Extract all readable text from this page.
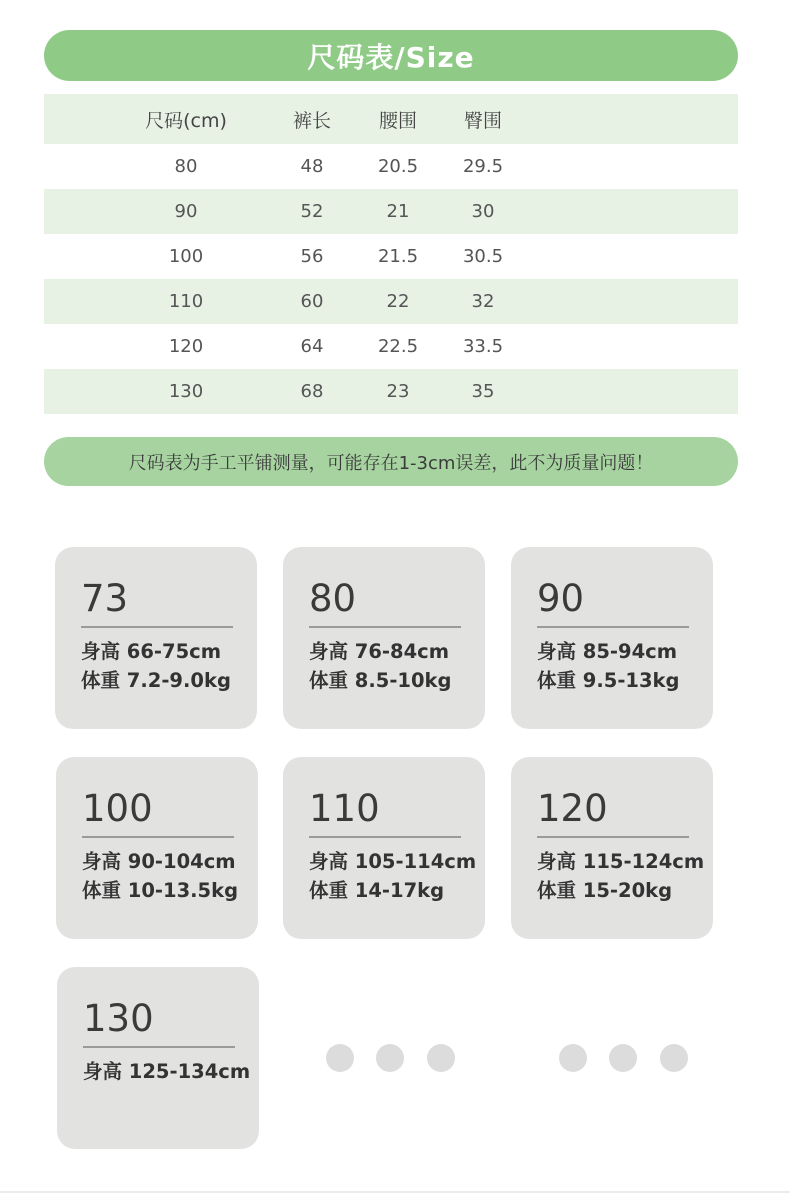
尺码表/Size
尺码(cm)	裤长	腰围	臀围
80	48	20.5	29.5
90	52	21	30
100	56	21.5	30.5
110	60	22	32
120	64	22.5	33.5
130	68	23	35
尺码表为手工平铺测量，可能存在1-3cm误差，此不为质量问题！
73
身高 66-75cm
体重 7.2-9.0kg
80
身高 76-84cm
体重 8.5-10kg
90
身高 85-94cm
体重 9.5-13kg
100
身高 90-104cm
体重 10-13.5kg
110
身高 105-114cm
体重 14-17kg
120
身高 115-124cm
体重 15-20kg
130
身高 125-134cm
